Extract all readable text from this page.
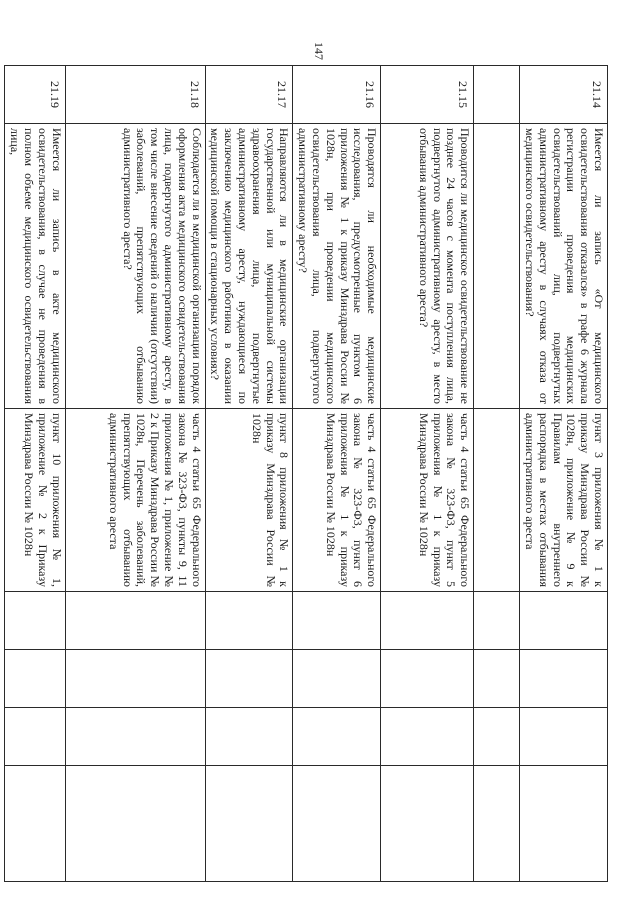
147
21.14	Имеется ли запись «От медицинского освидетельствования отказался» в графе 6 журнала регистрации проведения медицинских освидетельствований лиц, подвергнутых административному аресту в случаях отказа от медицинского освидетельствования?	пункт 3 приложения № 1 к приказу Минздрава России № 1028н, приложение № 9 к Правилам внутреннего распорядка в местах отбывания административного ареста				

21.15	Проводится ли медицинское освидетельствование не позднее 24 часов с момента поступления лица, подвергнутого административному аресту, в место отбывания административного ареста?	часть 4 статьи 65 Федерального закона № 323-Ф3, пункт 5 приложения № 1 к приказу Минздрава России № 1028н				
21.16	Проводятся ли необходимые медицинские исследования, предусмотренные пунктом 6 приложения № 1 к приказу Минздрава России № 1028н, при проведении медицинского освидетельствования лица, подвергнутого административному аресту?	часть 4 статьи 65 Федерального закона № 323-Ф3, пункт 6 приложения № 1 к приказу Минздрава России № 1028н				
21.17	Направляются ли в медицинские организации государственной или муниципальной системы здравоохранения лица, подвергнутые административному аресту, нуждающиеся по заключению медицинского работника в оказании медицинской помощи в стационарных условиях?	пункт 8 приложения № 1 к приказу Минздрава России № 1028н				
21.18	Соблюдается ли в медицинской организации порядок оформления акта медицинского освидетельствования лица, подвергнутого административному аресту, в том числе внесение сведений о наличии (отсутствии) заболеваний, препятствующих отбыванию административного ареста?	часть 4 статьи 65 Федерального закона № 323-Ф3, пункты 9, 11 приложения № 1, приложение № 2 к Приказу Минздрава России № 1028н, Перечень заболеваний, препятствующих отбыванию административного ареста				
21.19	Имеется ли запись в акте медицинского освидетельствования, в случае не проведения в полном объеме медицинского освидетельствования лица,	пункт 10 приложения № 1, приложение № 2 к Приказу Минздрава России № 1028н				
